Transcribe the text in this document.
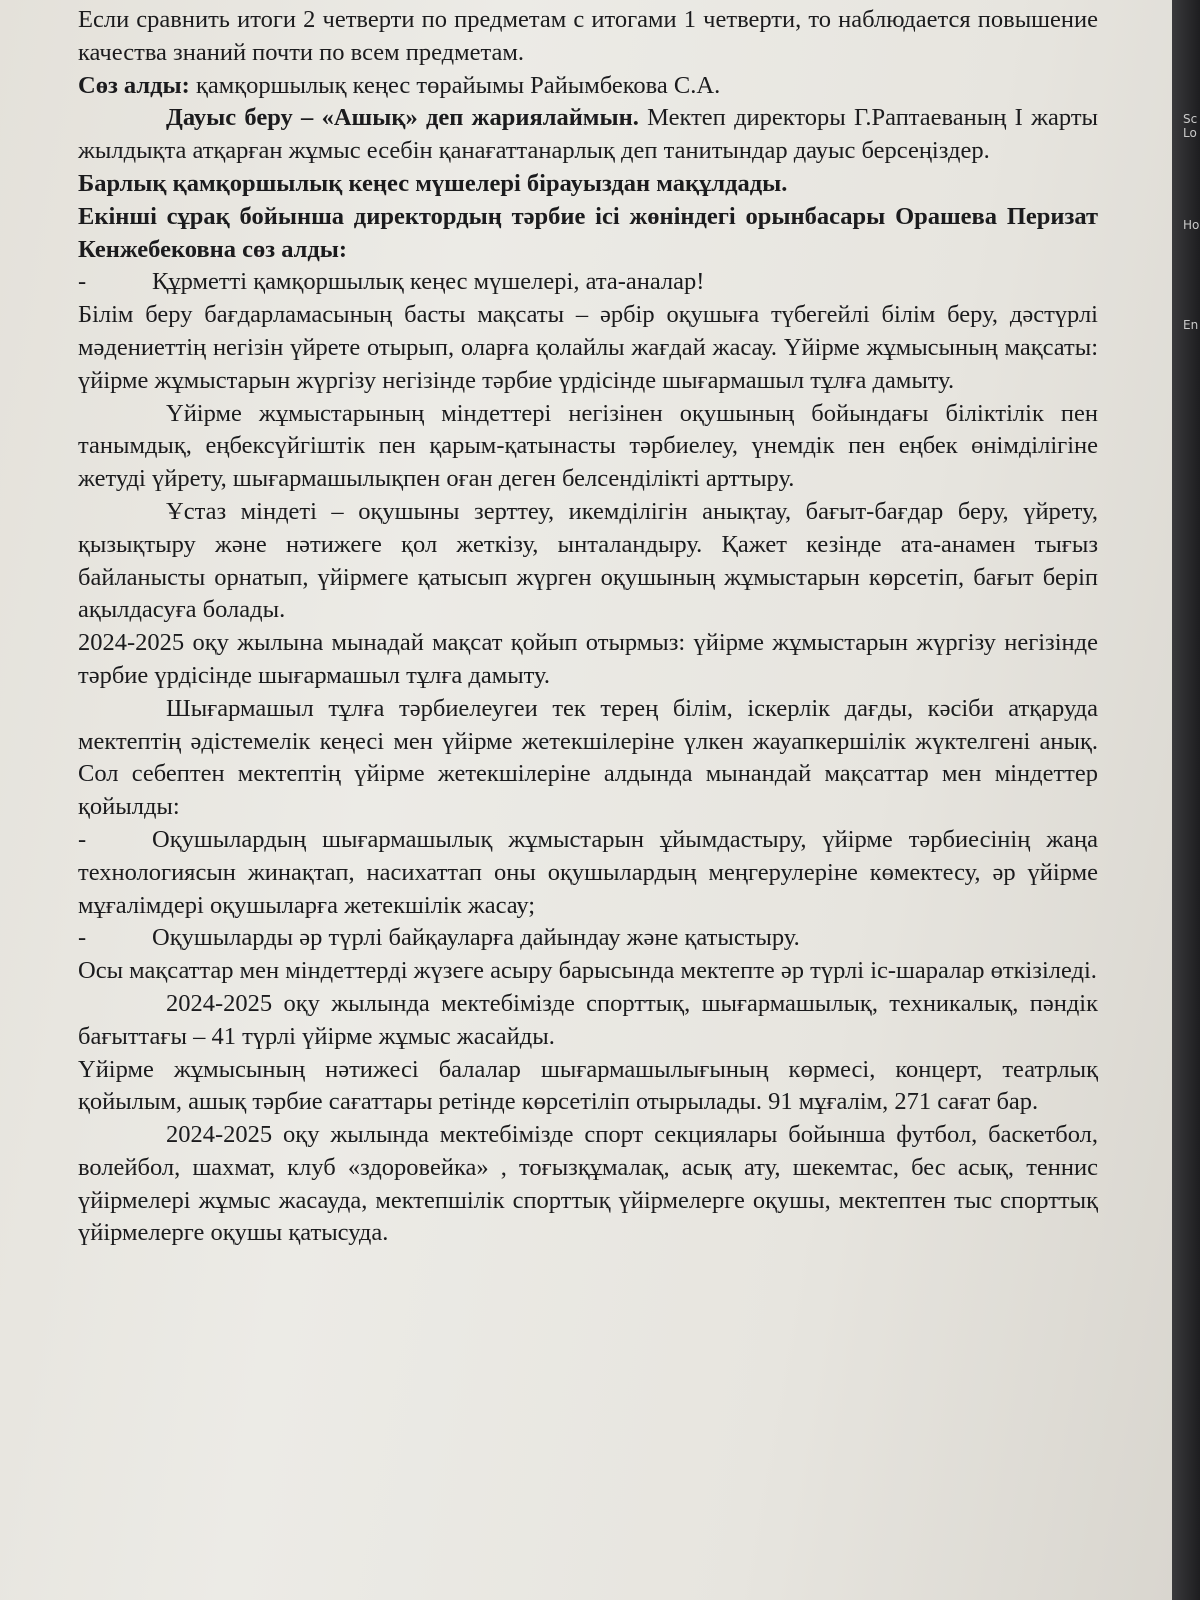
Если сравнить итоги 2 четверти по предметам с итогами 1 четверти, то наблюдается повышение качества знаний почти по всем предметам.

Сөз алды: қамқоршылық кеңес төрайымы Райымбекова С.А.

Дауыс беру – «Ашық» деп жариялаймын. Мектеп директоры Г.Раптаеваның I жарты жылдықта атқарған жұмыс есебін қанағаттанарлық деп танитындар дауыс берсеңіздер.

Барлық қамқоршылық кеңес мүшелері бірауыздан мақұлдады.

Екінші сұрақ бойынша директордың тәрбие ісі жөніндегі орынбасары Орашева Перизат Кенжебековна сөз алды:

-	Құрметті қамқоршылық кеңес мүшелері, ата-аналар!

Білім беру бағдарламасының басты мақсаты – әрбір оқушыға түбегейлі білім беру, дәстүрлі мәдениеттің негізін үйрете отырып, оларға қолайлы жағдай жасау. Үйірме жұмысының мақсаты: үйірме жұмыстарын жүргізу негізінде тәрбие үрдісінде шығармашыл тұлға дамыту.

Үйірме жұмыстарының міндеттері негізінен оқушының бойындағы біліктілік пен танымдық, еңбексүйгіштік пен қарым-қатынасты тәрбиелеу, үнемдік пен еңбек өнімділігіне жетуді үйрету, шығармашылықпен оған деген белсенділікті арттыру.

Ұстаз міндеті – оқушыны зерттеу, икемділігін анықтау, бағыт-бағдар беру, үйрету, қызықтыру және нәтижеге қол жеткізу, ынталандыру. Қажет кезінде ата-анамен тығыз байланысты орнатып, үйірмеге қатысып жүрген оқушының жұмыстарын көрсетіп, бағыт беріп ақылдасуға болады.

2024-2025 оқу жылына мынадай мақсат қойып отырмыз: үйірме жұмыстарын жүргізу негізінде тәрбие үрдісінде шығармашыл тұлға дамыту.

Шығармашыл тұлға тәрбиелеугеи тек терең білім, іскерлік дағды, кәсіби атқаруда мектептің әдістемелік кеңесі мен үйірме жетекшілеріне үлкен жауапкершілік жүктелгені анық. Сол себептен мектептің үйірме жетекшілеріне алдында мынандай мақсаттар мен міндеттер қойылды:

-	Оқушылардың шығармашылық жұмыстарын ұйымдастыру, үйірме тәрбиесінің жаңа технологиясын жинақтап, насихаттап оны оқушылардың меңгерулеріне көмектесу, әр үйірме мұғалімдері оқушыларға жетекшілік жасау;

-	Оқушыларды әр түрлі байқауларға дайындау және қатыстыру.

Осы мақсаттар мен міндеттерді жүзеге асыру барысында мектепте әр түрлі іс-шаралар өткізіледі.

2024-2025 оқу жылында мектебімізде спорттық, шығармашылық, техникалық, пәндік бағыттағы – 41 түрлі үйірме жұмыс жасайды.

Үйірме жұмысының нәтижесі балалар шығармашылығының көрмесі, концерт, театрлық қойылым, ашық тәрбие сағаттары ретінде көрсетіліп отырылады. 91 мұғалім, 271 сағат бар.

2024-2025 оқу жылында мектебімізде спорт секциялары бойынша футбол, баскетбол, волейбол, шахмат, клуб «здоровейка» , тоғызқұмалақ, асық ату, шекемтас, бес асық, теннис үйірмелері жұмыс жасауда, мектепшілік спорттық үйірмелерге оқушы, мектептен тыс спорттық үйірмелерге оқушы қатысуда.

Sc
Lo
Ho
En
